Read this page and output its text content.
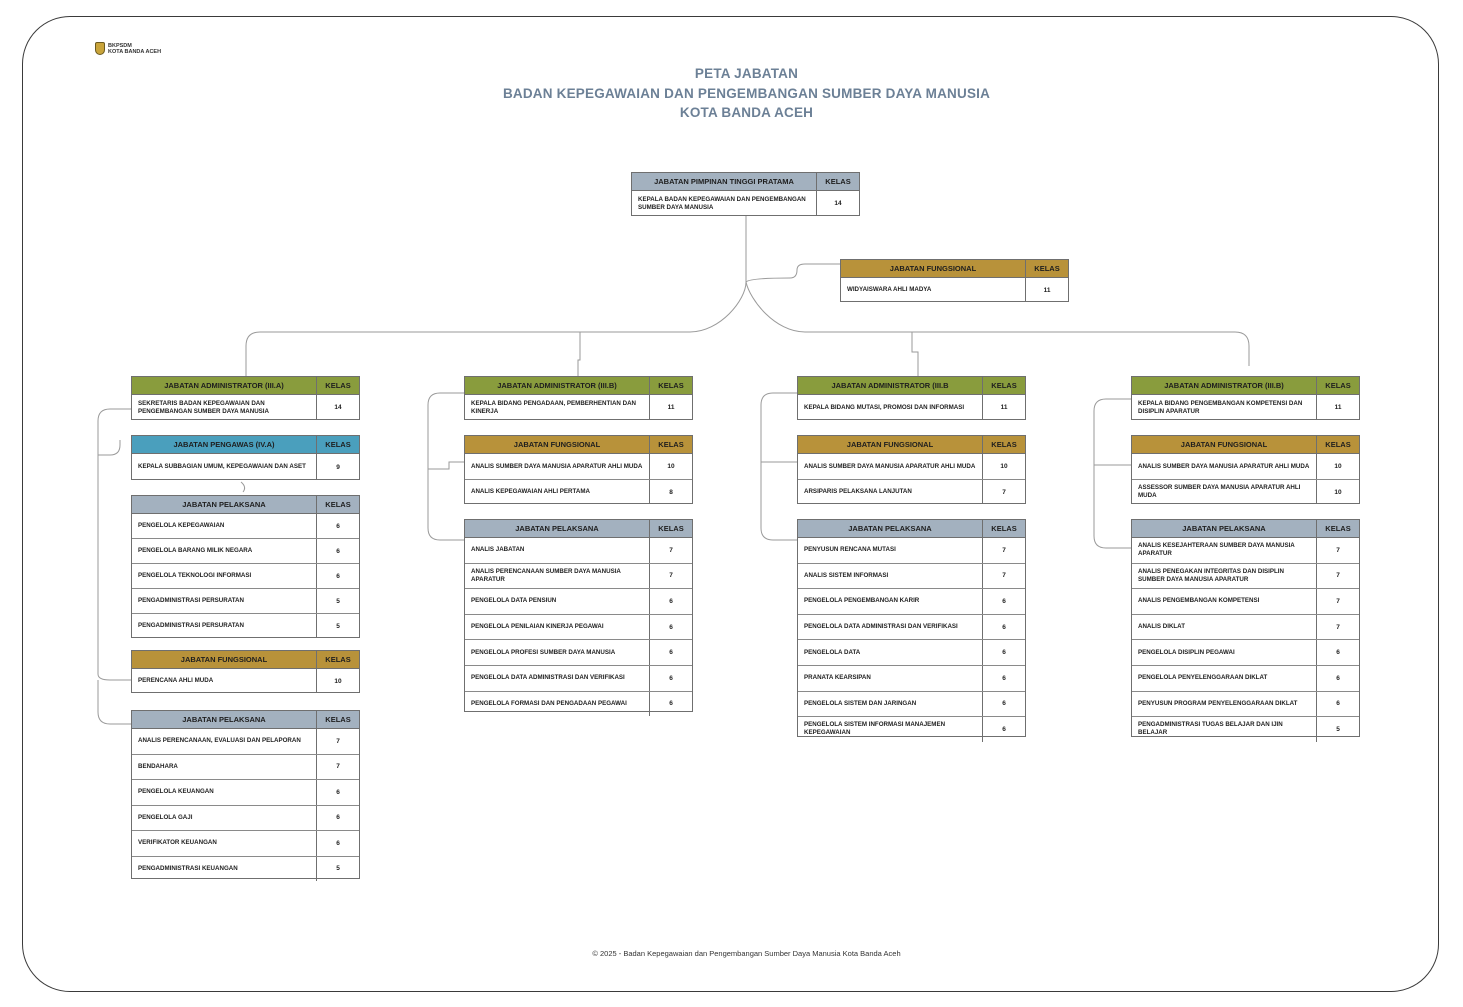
BKPSDM
KOTA BANDA ACEH
PETA JABATAN
BADAN KEPEGAWAIAN DAN PENGEMBANGAN SUMBER DAYA MANUSIA
KOTA BANDA ACEH
JABATAN PIMPINAN TINGGI PRATAMA	KELAS
KEPALA BADAN KEPEGAWAIAN DAN PENGEMBANGAN SUMBER DAYA MANUSIA	14
JABATAN FUNGSIONAL	KELAS
WIDYAISWARA AHLI MADYA	11
JABATAN ADMINISTRATOR (III.A)	KELAS
SEKRETARIS BADAN KEPEGAWAIAN DAN PENGEMBANGAN SUMBER DAYA MANUSIA	14
JABATAN PENGAWAS (IV.A)	KELAS
KEPALA SUBBAGIAN UMUM, KEPEGAWAIAN DAN ASET	9
JABATAN PELAKSANA	KELAS
PENGELOLA KEPEGAWAIAN	6
PENGELOLA BARANG MILIK NEGARA	6
PENGELOLA TEKNOLOGI INFORMASI	6
PENGADMINISTRASI PERSURATAN	5
PENGADMINISTRASI PERSURATAN	5
JABATAN FUNGSIONAL	KELAS
PERENCANA AHLI MUDA	10
JABATAN PELAKSANA	KELAS
ANALIS PERENCANAAN, EVALUASI DAN PELAPORAN	7
BENDAHARA	7
PENGELOLA KEUANGAN	6
PENGELOLA GAJI	6
VERIFIKATOR KEUANGAN	6
PENGADMINISTRASI KEUANGAN	5
JABATAN ADMINISTRATOR (III.B)	KELAS
KEPALA BIDANG PENGADAAN, PEMBERHENTIAN DAN KINERJA	11
JABATAN FUNGSIONAL	KELAS
ANALIS SUMBER DAYA MANUSIA APARATUR AHLI MUDA	10
ANALIS KEPEGAWAIAN AHLI PERTAMA	8
JABATAN PELAKSANA	KELAS
ANALIS JABATAN	7
ANALIS PERENCANAAN SUMBER DAYA MANUSIA APARATUR	7
PENGELOLA DATA PENSIUN	6
PENGELOLA PENILAIAN KINERJA PEGAWAI	6
PENGELOLA PROFESI SUMBER DAYA MANUSIA	6
PENGELOLA DATA ADMINISTRASI DAN VERIFIKASI	6
PENGELOLA FORMASI DAN PENGADAAN PEGAWAI	6
JABATAN ADMINISTRATOR (III.B	KELAS
KEPALA BIDANG MUTASI, PROMOSI DAN INFORMASI	11
JABATAN FUNGSIONAL	KELAS
ANALIS SUMBER DAYA MANUSIA APARATUR AHLI MUDA	10
ARSIPARIS PELAKSANA LANJUTAN	7
JABATAN PELAKSANA	KELAS
PENYUSUN RENCANA MUTASI	7
ANALIS SISTEM INFORMASI	7
PENGELOLA PENGEMBANGAN KARIR	6
PENGELOLA DATA ADMINISTRASI DAN VERIFIKASI	6
PENGELOLA DATA	6
PRANATA KEARSIPAN	6
PENGELOLA SISTEM DAN JARINGAN	6
PENGELOLA SISTEM INFORMASI MANAJEMEN KEPEGAWAIAN	6
JABATAN ADMINISTRATOR (III.B)	KELAS
KEPALA BIDANG PENGEMBANGAN KOMPETENSI DAN DISIPLIN APARATUR	11
JABATAN FUNGSIONAL	KELAS
ANALIS SUMBER DAYA MANUSIA APARATUR AHLI MUDA	10
ASSESSOR SUMBER DAYA MANUSIA APARATUR AHLI MUDA	10
JABATAN PELAKSANA	KELAS
ANALIS KESEJAHTERAAN SUMBER DAYA MANUSIA APARATUR	7
ANALIS PENEGAKAN INTEGRITAS DAN DISIPLIN SUMBER DAYA MANUSIA APARATUR	7
ANALIS PENGEMBANGAN KOMPETENSI	7
ANALIS DIKLAT	7
PENGELOLA DISIPLIN PEGAWAI	6
PENGELOLA PENYELENGGARAAN DIKLAT	6
PENYUSUN PROGRAM PENYELENGGARAAN DIKLAT	6
PENGADMINISTRASI TUGAS BELAJAR DAN IJIN BELAJAR	5
© 2025 - Badan Kepegawaian dan Pengembangan Sumber Daya Manusia Kota Banda Aceh
